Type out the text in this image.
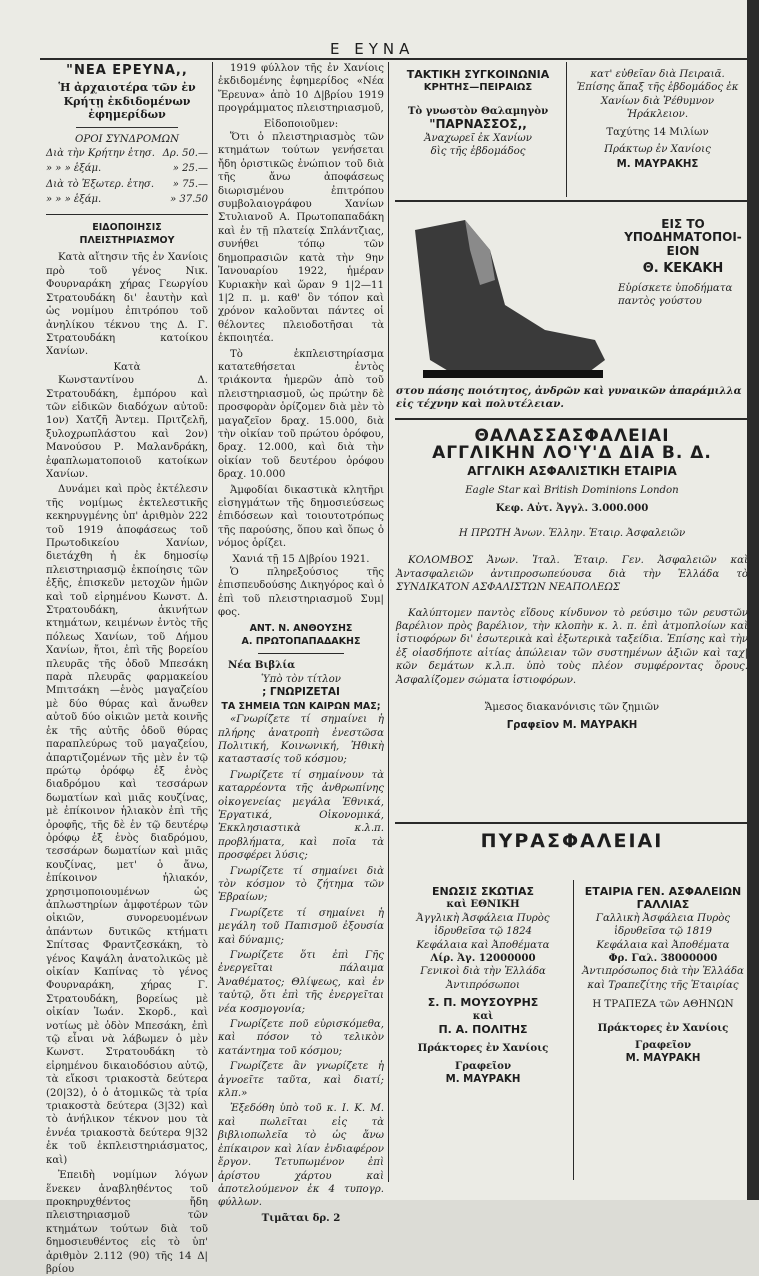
Ε ΕΥΝΑ
"ΝΕΑ ΕΡΕΥΝΑ,,
Ἡ ἀρχαιοτέρα τῶν ἐν Κρήτῃ ἐκδιδομένων ἐφημερίδων
ΟΡΟΙ ΣΥΝΔΡΟΜΩΝ
Διὰ τὴν Κρήτην ἐτησ.	Δρ. 50.—
» » » ἑξάμ.	» 25.—
Διὰ τὸ Ἐξωτερ. ἐτησ.	» 75.—
» » » ἑξάμ.	» 37.50
ΕΙΔΟΠΟΙΗΣΙΣ ΠΛΕΙΣΤΗΡΙΑΣΜΟΥ

Κατὰ αἴτησιν τῆς ἐν Χανίοις πρὸ τοῦ γένος Νικ. Φουρναράκη χήρας Γεωργίου Στρατουδάκη δι' ἑαυτὴν καὶ ὡς νομίμου ἐπιτρόπου τοῦ ἀνηλίκου τέκνου της Δ. Γ. Στρατουδάκη κατοίκου Χανίων.

Κατὰ

Κωνσταντίνου Δ. Στρατουδάκη, ἐμπόρου καὶ τῶν εἰδικῶν διαδόχων αὐτοῦ: 1ον) Χατζῆ Ἀντεμ. Πριτζελῆ, ξυλοχρωπλάστου καὶ 2ον) Μανούσου Ρ. Μαλανδράκη, ἐφαπλωματοποιοῦ κατοίκων Χανίων.

Δυνάμει καὶ πρὸς ἐκτέλεσιν τῆς νομίμως ἐκτελεστικῆς κεκηρυγμένης ὑπ' ἀριθμὸν 222 τοῦ 1919 ἀποφάσεως τοῦ Πρωτοδικείου Χανίων, διετάχθη ἡ ἐκ δημοσίῳ πλειστηριασμῷ ἐκποίησις τῶν ἑξῆς, ἐπισκεῦν μετοχῶν ἡμῶν καὶ τοῦ εἰρημένου Κωνστ. Δ. Στρατουδάκη, ἀκινήτων κτημάτων, κειμένων ἐντὸς τῆς πόλεως Χανίων, τοῦ Δήμου Χανίων, ἤτοι, ἐπὶ τῆς βορείου πλευρᾶς τῆς ὁδοῦ Μπεσάκη παρὰ πλευρᾶς φαρμακείου Μπιτσάκη —ἑνὸς μαγαζείου μὲ δύο θύρας καὶ ἄνωθεν αὐτοῦ δύο οἰκιῶν μετὰ κοινῆς ἐκ τῆς αὐτῆς ὁδοῦ θύρας παραπλεύρως τοῦ μαγαζείου, ἀπαρτιζομένων τῆς μὲν ἐν τῷ πρώτῳ ὀρόφῳ ἐξ ἑνὸς διαδρόμου καὶ τεσσάρων δωματίων καὶ μιᾶς κουζίνας, μὲ ἐπίκοινον ἡλιακὸν ἐπὶ τῆς ὀροφῆς, τῆς δὲ ἐν τῷ δευτέρῳ ὀρόφῳ ἐξ ἑνὸς διαδρόμου, τεσσάρων δωματίων καὶ μιᾶς κουζίνας, μετ' ὁ ἄνω, ἐπίκοινον ἡλιακόν, χρησιμοποιουμένων ὡς ἀπλωστηρίων ἀμφοτέρων τῶν οἰκιῶν, συνορευομένων ἁπάντων δυτικῶς κτήματι Σπίτσας Φραντζεσκάκη, τὸ γένος Καψάλη ἀνατολικῶς μὲ οἰκίαν Καπίνας τὸ γένος Φουρναράκη, χήρας Γ. Στρατουδάκη, βορείως μὲ οἰκίαν Ἰωάν. Σκορδ., καὶ νοτίως μὲ ὁδὸν Μπεσάκη, ἐπὶ τῷ εἶναι νὰ λάβωμεν ὁ μὲν Κωνστ. Στρατουδάκη τὸ εἰρημένου δικαιοδόσιου αὐτῷ, τὰ εἴκοσι τριακοστὰ δεύτερα (20|32), ὁ ὁ ἀτομικῶς τὰ τρία τριακοστὰ δεύτερα (3|32) καὶ τὸ ἀνήλικον τέκνον μου τὰ ἐννέα τριακοστὰ δεύτερα 9|32 ἐκ τοῦ ἐκπλειστηριάσματος, καὶ)

Ἐπειδὴ νομίμων λόγων ἕνεκεν ἀναβληθέντος τοῦ προκηρυχθέντος ἤδη πλειστηριασμοῦ τῶν κτημάτων τούτων διὰ τοῦ δημοσιευθέντος εἰς τὸ ὑπ' ἀριθμὸν 2.112 (90) τῆς 14 Δ|βρίου

1919 φύλλον τῆς ἐν Χανίοις ἐκδιδομένης ἐφημερίδος «Νέα Ἔρευνα» ἀπὸ 10 Δ|βρίου 1919 προγράμματος πλειστηριασμοῦ,

Εἰδοποιοῦμεν:

Ὅτι ὁ πλειστηριασμὸς τῶν κτημάτων τούτων γενήσεται ἤδη ὁριστικῶς ἐνώπιον τοῦ διὰ τῆς ἄνω ἀποφάσεως διωρισμένου ἐπιτρόπου συμβολαιογράφου Χανίων Στυλιανοῦ Α. Πρωτοπαπαδάκη καὶ ἐν τῇ πλατείᾳ Σπλάντζιας, συνήθει τόπῳ τῶν δημοπρασιῶν κατὰ τὴν 9ην Ἰανουαρίου 1922, ἡμέραν Κυριακὴν καὶ ὥραν 9 1|2—11 1|2 π. μ. καθ' ὃν τόπον καὶ χρόνον καλοῦνται πάντες οἱ θέλοντες πλειοδοτῆσαι τὰ ἐκποιητέα.

Τὸ ἐκπλειστηρίασμα κατατεθήσεται ἐντὸς τριάκοντα ἡμερῶν ἀπὸ τοῦ πλειστηριασμοῦ, ὡς πρώτην δὲ προσφορὰν ὁρίζομεν διὰ μὲν τὸ μαγαζεῖον δραχ. 15.000, διὰ τὴν οἰκίαν τοῦ πρώτου ὀρόφου, δραχ. 12.000, καὶ διὰ τὴν οἰκίαν τοῦ δευτέρου ὀρόφου δραχ. 10.000

Ἀμφοδίαι δικαστικὰ κλητῆρι εἰσηγμάτων τῆς δημοσιεύσεως ἐπιδόσεων καὶ τοιουτοτρόπως τῆς παρούσης, ὅπου καὶ ὅπως ὁ νόμος ὁρίζει.

Χανιά τῇ 15 Δ|βρίου 1921.

Ὁ πληρεξούσιος τῆς ἐπισπευδούσης Δικηγόρος καὶ ὁ ἐπὶ τοῦ πλειστηριασμοῦ Συμ|φος.

ΑΝΤ. Ν. ΑΝΘΟΥΣΗΣ
Α. ΠΡΩΤΟΠΑΠΑΔΑΚΗΣ
Νέα Βιβλία
Ὑπὸ τὸν τίτλον
; ΓΝΩΡΙΖΕΤΑΙ
ΤΑ ΣΗΜΕΙΑ ΤΩΝ ΚΑΙΡΩΝ ΜΑΣ;

«Γνωρίζετε τί σημαίνει ἡ πλήρης ἀνατροπὴ ἐνεστῶσα Πολιτική, Κοινωνική, Ἠθικὴ καταστασίς τοῦ κόσμου;

Γνωρίζετε τί σημαίνουν τὰ καταρρέοντα τῆς ἀνθρωπίνης οἰκογενείας μεγάλα Ἐθνικά, Ἐργατικά, Οἰκονομικά, Ἐκκλησιαστικὰ κ.λ.π. προβλήματα, καὶ ποῖα τὰ προσφέρει λύσις;

Γνωρίζετε τί σημαίνει διὰ τὸν κόσμον τὸ ζήτημα τῶν Ἑβραίων;

Γνωρίζετε τί σημαίνει ἡ μεγάλη τοῦ Παπισμοῦ ἐξουσία καὶ δύναμις;

Γνωρίζετε ὅτι ἐπὶ Γῆς ἐνεργεῖται πάλαιμα Ἀναθέματος; Θλίψεως, καὶ ἐν ταὐτῷ, ὅτι ἐπὶ τῆς ἐνεργεῖται νέα κοσμογονία;

Γνωρίζετε ποῦ εὑρισκόμεθα, καὶ πόσον τὸ τελικὸν κατάντημα τοῦ κόσμου;

Γνωρίζετε ἂν γνωρίζετε ἡ ἀγνοεῖτε ταῦτα, καὶ διατί; κλπ.»

Ἐξεδόθη ὑπὸ τοῦ κ. Ι. Κ. Μ. καὶ πωλεῖται εἰς τὰ βιβλιοπωλεῖα τὸ ὡς ἄνω ἐπίκαιρον καὶ λίαν ἐνδιαφέρον ἔργον. Τετυπωμένον ἐπὶ ἀρίστου χάρτου καὶ ἀποτελούμενον ἐκ 4 τυπογρ. φύλλων.

Τιμᾶται δρ. 2
ΤΑΚΤΙΚΗ ΣΥΓΚΟΙΝΩΝΙΑ
ΚΡΗΤΗΣ—ΠΕΙΡΑΙΩΣ
Τὸ γνωστὸν Θαλαμηγὸν
"ΠΑΡΝΑΣΣΟΣ,,
Ἀναχωρεῖ ἐκ Χανίων
δὶς τῆς ἑβδομάδος
κατ' εὐθεῖαν διὰ Πειραιᾶ.
Ἐπίσης ἅπαξ τῆς ἑβδομάδος ἐκ Χανίων διὰ Ῥέθυμνον Ἡράκλειον.
Ταχύτης 14 Μιλίων
Πράκτωρ ἐν Χανίοις
Μ. ΜΑΥΡΑΚΗΣ
ΕΙΣ ΤΟ
ΥΠΟΔΗΜΑΤΟΠΟΙ-
ΕΙΟΝ
Θ. ΚΕΚΑΚΗ
Εὑρίσκετε ὑποδήματα παντὸς γούστου
στου πάσης ποιότητος, ἀνδρῶν καὶ γυναικῶν ἀπαράμιλλα εἰς τέχνην καὶ πολυτέλειαν.
ΘΑΛΑΣΣΑΣΦΑΛΕΙΑΙ
ΑΓΓΛΙΚΗΝ ΛΟ'Υ'Δ ΔΙΑ Β. Δ.
ΑΓΓΛΙΚΗ ΑΣΦΑΛΙΣΤΙΚΗ ΕΤΑΙΡΙΑ
Eagle Star καὶ British Dominions London
Κεφ. Αὐτ. Ἀγγλ. 3.000.000
Η ΠΡΩΤΗ Ἀνων. Ἑλλην. Ἑταιρ. Ἀσφαλειῶν

ΚΟΛΟΜΒΟΣ Ἀνων. Ἰταλ. Ἑταιρ. Γεν. Ἀσφαλειῶν καὶ Ἀντασφαλειῶν ἀντιπροσωπεύουσα διὰ τὴν Ἑλλάδα τὸ ΣΥΝΔΙΚΑΤΟΝ ΑΣΦΑΛΙΣΤΩΝ ΝΕΑΠΟΛΕΩΣ

Καλύπτομεν παντὸς εἴδους κίνδυνον τὸ ρεύσιμο τῶν ρευστῶν βαρέλιον πρὸς βαρέλιον, τὴν κλοπὴν κ. λ. π. ἐπὶ ἀτμοπλοίων καὶ ἱστιοφόρων δι' ἐσωτερικὰ καὶ ἐξωτερικὰ ταξείδια. Ἐπίσης καὶ τὴν ἐξ οἱασδήποτε αἰτίας ἀπώλειαν τῶν συστημένων ἀξιῶν καὶ ταχ|κῶν δεμάτων κ.λ.π. ὑπὸ τοὺς πλέον συμφέροντας ὅρους. Ἀσφαλίζομεν σώματα ἱστιοφόρων.

Ἄμεσος διακανόνισις τῶν ζημιῶν
Γραφεῖον Μ. ΜΑΥΡΑΚΗ
ΠΥΡΑΣΦΑΛΕΙΑΙ
ΕΝΩΣΙΣ ΣΚΩΤΙΑΣ
καὶ ΕΘΝΙΚΗ
Ἀγγλικὴ Ἀσφάλεια Πυρὸς ἱδρυθεῖσα τῷ 1824
Κεφάλαια καὶ Ἀποθέματα
Λίρ. Ἀγ. 12000000
Γενικοὶ διὰ τὴν Ἑλλάδα
Ἀντιπρόσωποι
Σ. Π. ΜΟΥΣΟΥΡΗΣ
καὶ
Π. Α. ΠΟΛΙΤΗΣ
Πράκτορες ἐν Χανίοις
Γραφεῖον
Μ. ΜΑΥΡΑΚΗ
ΕΤΑΙΡΙΑ ΓΕΝ. ΑΣΦΑΛΕΙΩΝ
ΓΑΛΛΙΑΣ
Γαλλικὴ Ἀσφάλεια Πυρὸς ἱδρυθεῖσα τῷ 1819
Κεφάλαια καὶ Ἀποθέματα
Φρ. Γαλ. 38000000
Ἀντιπρόσωπος διὰ τὴν Ἑλλάδα καὶ Τραπεζίτης τῆς Ἑταιρίας
Η ΤΡΑΠΕΖΑ τῶν ΑΘΗΝΩΝ
Πράκτορες ἐν Χανίοις
Γραφεῖον
Μ. ΜΑΥΡΑΚΗ
